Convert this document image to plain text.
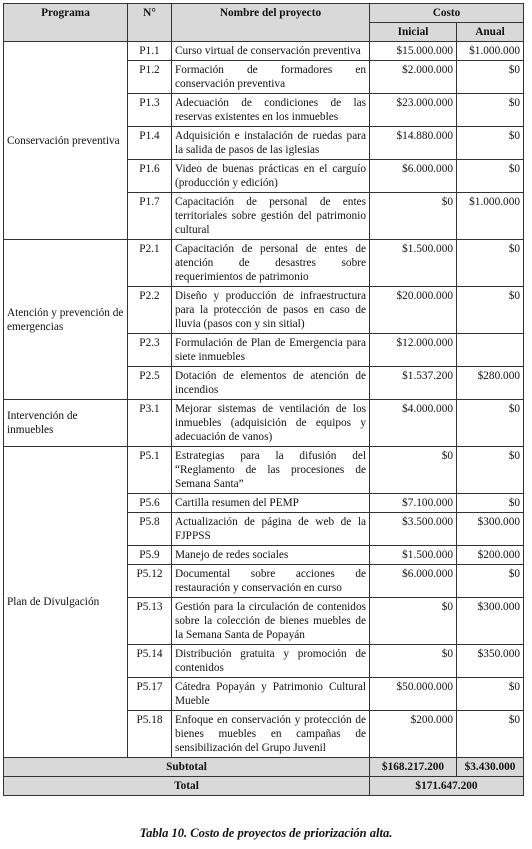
Programa	N°	Nombre del proyecto	Costo	
			Inicial	Anual
Conservación preventiva	P1.1	Curso virtual de conservación preventiva	$15.000.000	$1.000.000
	P1.2	Formación de formadores en conservación preventiva	$2.000.000	$0
	P1.3	Adecuación de condiciones de las reservas existentes en los inmuebles	$23.000.000	$0
	P1.4	Adquisición e instalación de ruedas para la salida de pasos de las iglesias	$14.880.000	$0
	P1.6	Video de buenas prácticas en el carguío (producción y edición)	$6.000.000	$0
	P1.7	Capacitación de personal de entes territoriales sobre gestión del patrimonio cultural	$0	$1.000.000
Atención y prevención de emergencias	P2.1	Capacitación de personal de entes de atención de desastres sobre requerimientos de patrimonio	$1.500.000	$0
	P2.2	Diseño y producción de infraestructura para la protección de pasos en caso de lluvia (pasos con y sin sitial)	$20.000.000	$0
	P2.3	Formulación de Plan de Emergencia para siete inmuebles	$12.000.000	
	P2.5	Dotación de elementos de atención de incendios	$1.537.200	$280.000
Intervención de inmuebles	P3.1	Mejorar sistemas de ventilación de los inmuebles (adquisición de equipos y adecuación de vanos)	$4.000.000	$0
Plan de Divulgación	P5.1	Estrategias para la difusión del “Reglamento de las procesiones de Semana Santa”	$0	$0
	P5.6	Cartilla resumen del PEMP	$7.100.000	$0
	P5.8	Actualización de página de web de la FJPPSS	$3.500.000	$300.000
	P5.9	Manejo de redes sociales	$1.500.000	$200.000
	P5.12	Documental sobre acciones de restauración y conservación en curso	$6.000.000	$0
	P5.13	Gestión para la circulación de contenidos sobre la colección de bienes muebles de la Semana Santa de Popayán	$0	$300.000
	P5.14	Distribución gratuita y promoción de contenidos	$0	$350.000
	P5.17	Cátedra Popayán y Patrimonio Cultural Mueble	$50.000.000	$0
	P5.18	Enfoque en conservación y protección de bienes muebles en campañas de sensibilización del Grupo Juvenil	$200.000	$0
Subtotal			$168.217.200	$3.430.000
Total			$171.647.200	
Tabla 10. Costo de proyectos de priorización alta.
